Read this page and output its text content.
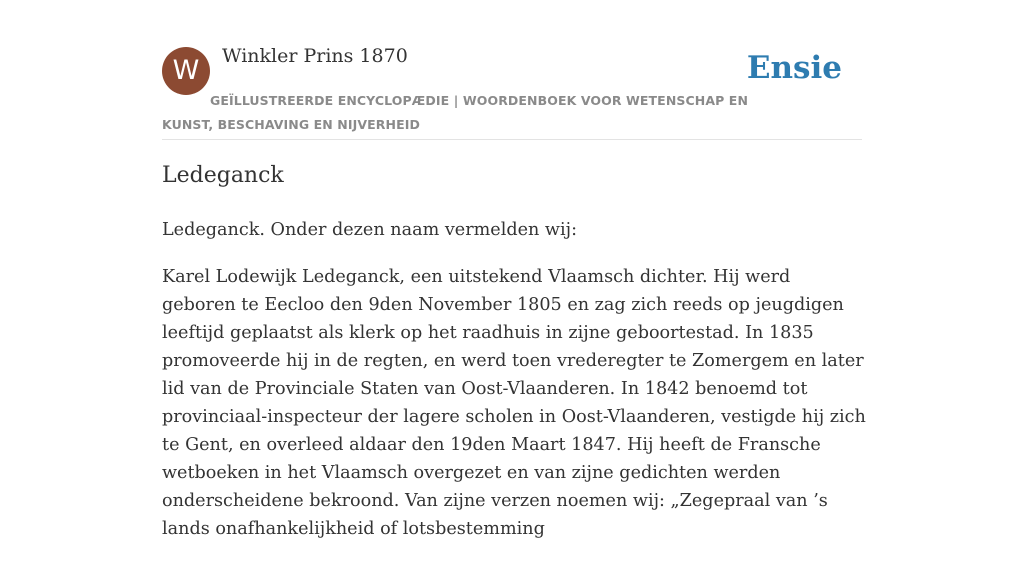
W	Winkler Prins 1870	Ensie
GEÏLLUSTREERDE ENCYCLOPÆDIE | WOORDENBOEK VOOR WETENSCHAP EN KUNST, BESCHAVING EN NIJVERHEID
Ledeganck

Ledeganck. Onder dezen naam vermelden wij:

Karel Lodewijk Ledeganck, een uitstekend Vlaamsch dichter. Hij werd geboren te Eecloo den 9den November 1805 en zag zich reeds op jeugdigen leeftijd geplaatst als klerk op het raadhuis in zijne geboortestad. In 1835 promoveerde hij in de regten, en werd toen vrederegter te Zomergem en later lid van de Provinciale Staten van Oost-Vlaanderen. In 1842 benoemd tot provinciaal-inspecteur der lagere scholen in Oost-Vlaanderen, vestigde hij zich te Gent, en overleed aldaar den 19den Maart 1847. Hij heeft de Fransche wetboeken in het Vlaamsch overgezet en van zijne gedichten werden onderscheidene bekroond. Van zijne verzen noemen wij: „Zegepraal van ’s lands onafhankelijkheid of lotsbestemming
